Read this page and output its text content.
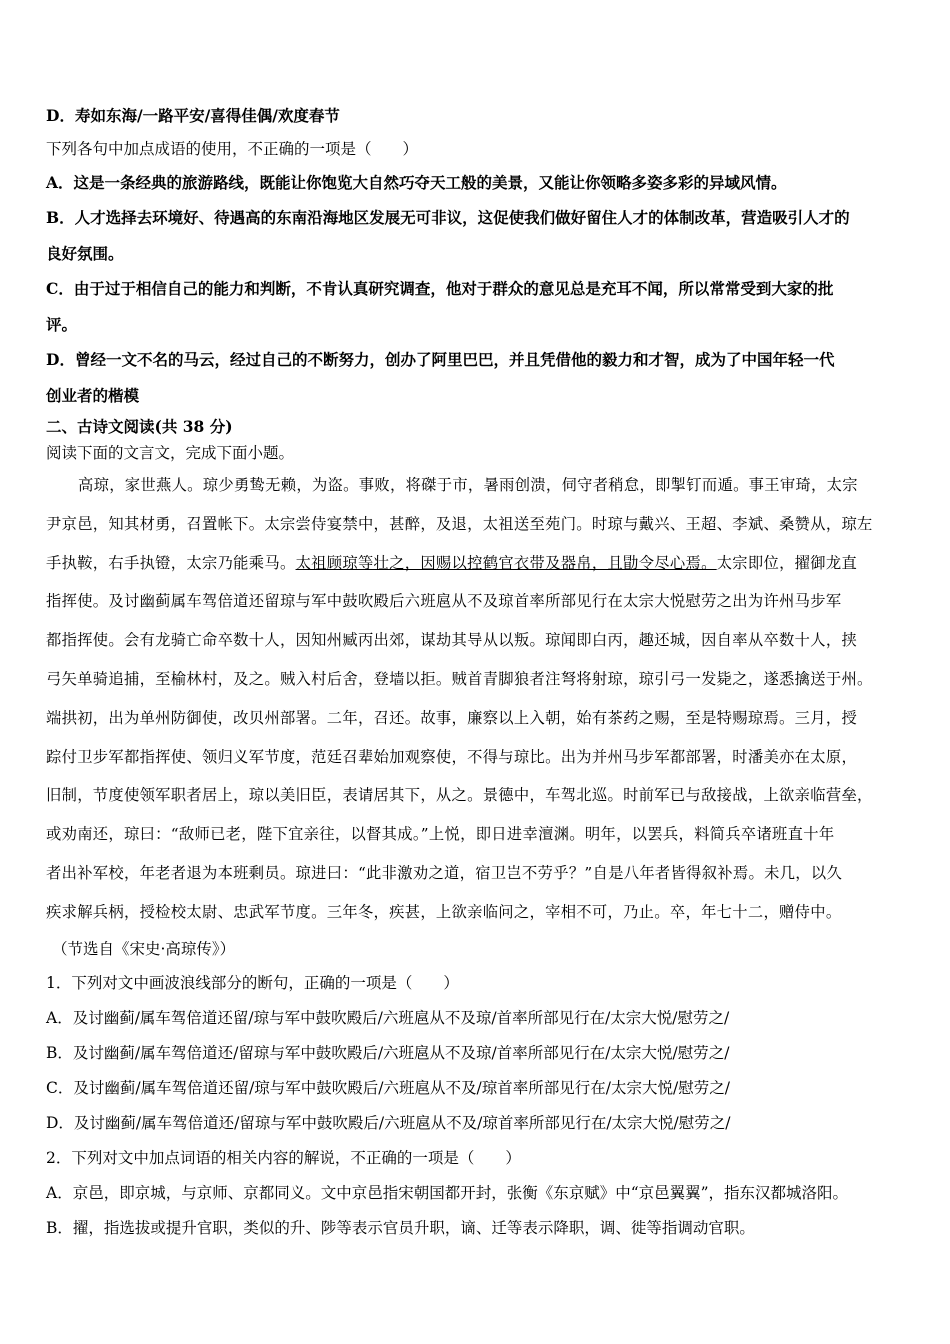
D．寿如东海/一路平安/喜得佳偶/欢度春节
下列各句中加点成语的使用，不正确的一项是（　　）
A．这是一条经典的旅游路线，既能让你饱览大自然巧夺天工般的美景，又能让你领略多姿多彩的异域风情。
B．人才选择去环境好、待遇高的东南沿海地区发展无可非议，这促使我们做好留住人才的体制改革，营造吸引人才的
良好氛围。
C．由于过于相信自己的能力和判断，不肯认真研究调查，他对于群众的意见总是充耳不闻，所以常常受到大家的批
评。
D．曾经一文不名的马云，经过自己的不断努力，创办了阿里巴巴，并且凭借他的毅力和才智，成为了中国年轻一代
创业者的楷模
二、古诗文阅读(共 38 分)
阅读下面的文言文，完成下面小题。
高琼，家世燕人。琼少勇鸷无赖，为盗。事败，将磔于市，暑雨创溃，伺守者稍怠，即掣钉而遁。事王审琦，太宗
尹京邑，知其材勇，召置帐下。太宗尝侍宴禁中，甚醉，及退，太祖送至苑门。时琼与戴兴、王超、李斌、桑赞从，琼左
手执鞍，右手执镫，太宗乃能乘马。太祖顾琼等壮之，因赐以控鹤官衣带及器帛，且勖令尽心焉。太宗即位，擢御龙直
指挥使。及讨幽蓟属车驾倍道还留琼与军中鼓吹殿后六班扈从不及琼首率所部见行在太宗大悦慰劳之出为许州马步军
都指挥使。会有龙骑亡命卒数十人，因知州臧丙出郊，谋劫其导从以叛。琼闻即白丙，趣还城，因自率从卒数十人，挟
弓矢单骑追捕，至榆林村，及之。贼入村后舍，登墙以拒。贼首青脚狼者注弩将射琼，琼引弓一发毙之，遂悉擒送于州。
端拱初，出为单州防御使，改贝州部署。二年，召还。故事，廉察以上入朝，始有茶药之赐，至是特赐琼焉。三月，授
踪付卫步军都指挥使、领归义军节度，范廷召辈始加观察使，不得与琼比。出为并州马步军都部署，时潘美亦在太原，
旧制，节度使领军职者居上，琼以美旧臣，表请居其下，从之。景德中，车驾北巡。时前军已与敌接战，上欲亲临营垒，
或劝南还，琼曰：“敌师已老，陛下宜亲往，以督其成。”上悦，即日进幸澶渊。明年，以罢兵，料简兵卒诸班直十年
者出补军校，年老者退为本班剩员。琼进曰：“此非激劝之道，宿卫岂不劳乎？”自是八年者皆得叙补焉。未几，以久
疾求解兵柄，授检校太尉、忠武军节度。三年冬，疾甚，上欲亲临问之，宰相不可，乃止。卒，年七十二，赠侍中。
（节选自《宋史·高琼传》）
1．下列对文中画波浪线部分的断句，正确的一项是（　　）
A．及讨幽蓟/属车驾倍道还留/琼与军中鼓吹殿后/六班扈从不及琼/首率所部见行在/太宗大悦/慰劳之/
B．及讨幽蓟/属车驾倍道还/留琼与军中鼓吹殿后/六班扈从不及琼/首率所部见行在/太宗大悦/慰劳之/
C．及讨幽蓟/属车驾倍道还留/琼与军中鼓吹殿后/六班扈从不及/琼首率所部见行在/太宗大悦/慰劳之/
D．及讨幽蓟/属车驾倍道还/留琼与军中鼓吹殿后/六班扈从不及/琼首率所部见行在/太宗大悦/慰劳之/
2．下列对文中加点词语的相关内容的解说，不正确的一项是（　　）
A．京邑，即京城，与京师、京都同义。文中京邑指宋朝国都开封，张衡《东京赋》中“京邑翼翼”，指东汉都城洛阳。
B．擢，指选拔或提升官职，类似的升、陟等表示官员升职，谪、迁等表示降职，调、徙等指调动官职。
